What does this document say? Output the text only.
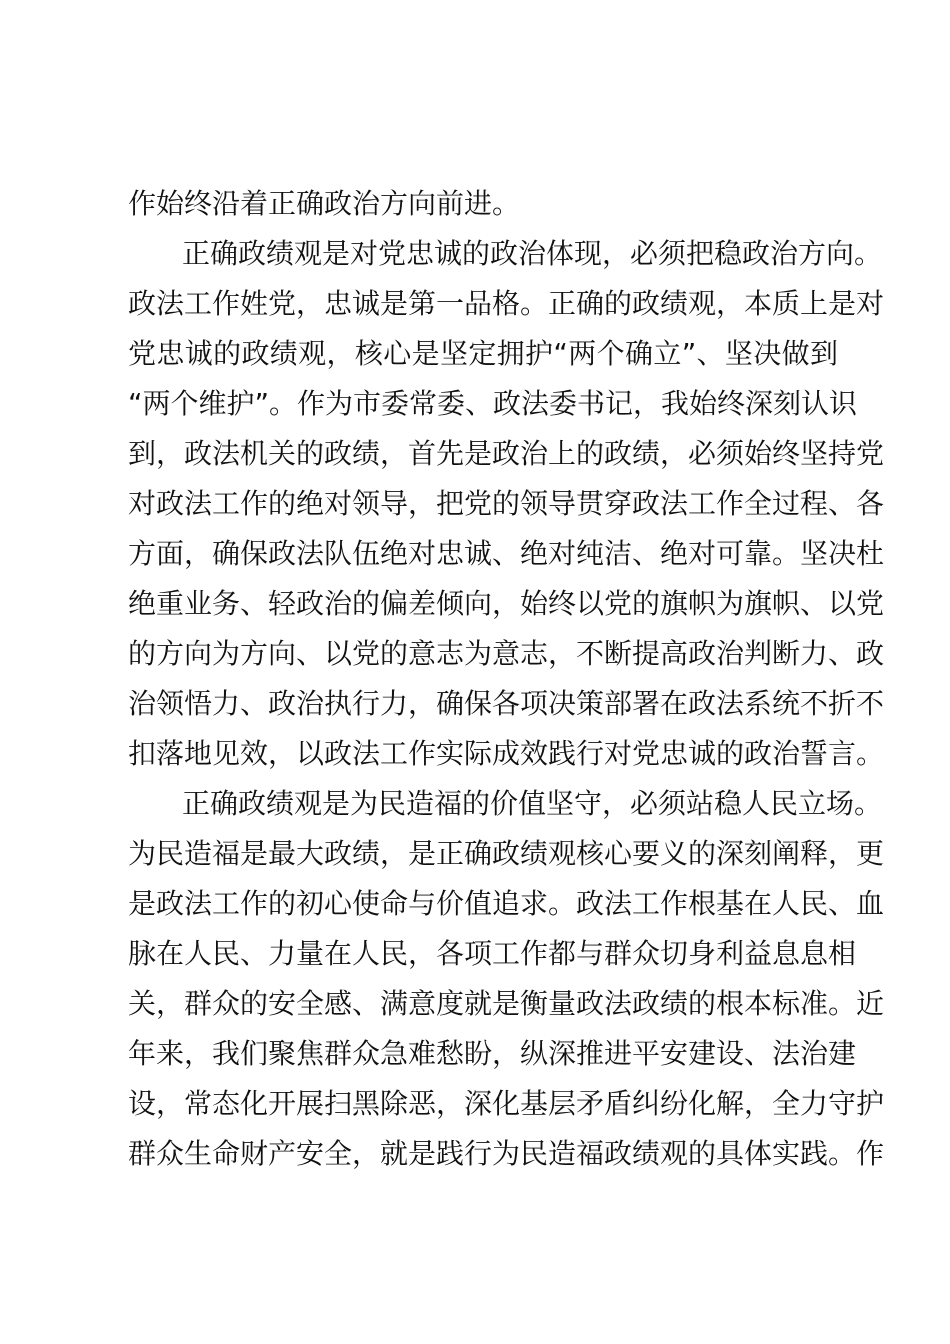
作始终沿着正确政治方向前进。
正确政绩观是对党忠诚的政治体现，必须把稳政治方向。
政法工作姓党，忠诚是第一品格。正确的政绩观，本质上是对
党忠诚的政绩观，核心是坚定拥护“两个确立”、坚决做到
“两个维护”。作为市委常委、政法委书记，我始终深刻认识
到，政法机关的政绩，首先是政治上的政绩，必须始终坚持党
对政法工作的绝对领导，把党的领导贯穿政法工作全过程、各
方面，确保政法队伍绝对忠诚、绝对纯洁、绝对可靠。坚决杜
绝重业务、轻政治的偏差倾向，始终以党的旗帜为旗帜、以党
的方向为方向、以党的意志为意志，不断提高政治判断力、政
治领悟力、政治执行力，确保各项决策部署在政法系统不折不
扣落地见效，以政法工作实际成效践行对党忠诚的政治誓言。
正确政绩观是为民造福的价值坚守，必须站稳人民立场。
为民造福是最大政绩，是正确政绩观核心要义的深刻阐释，更
是政法工作的初心使命与价值追求。政法工作根基在人民、血
脉在人民、力量在人民，各项工作都与群众切身利益息息相
关，群众的安全感、满意度就是衡量政法政绩的根本标准。近
年来，我们聚焦群众急难愁盼，纵深推进平安建设、法治建
设，常态化开展扫黑除恶，深化基层矛盾纠纷化解，全力守护
群众生命财产安全，就是践行为民造福政绩观的具体实践。作
